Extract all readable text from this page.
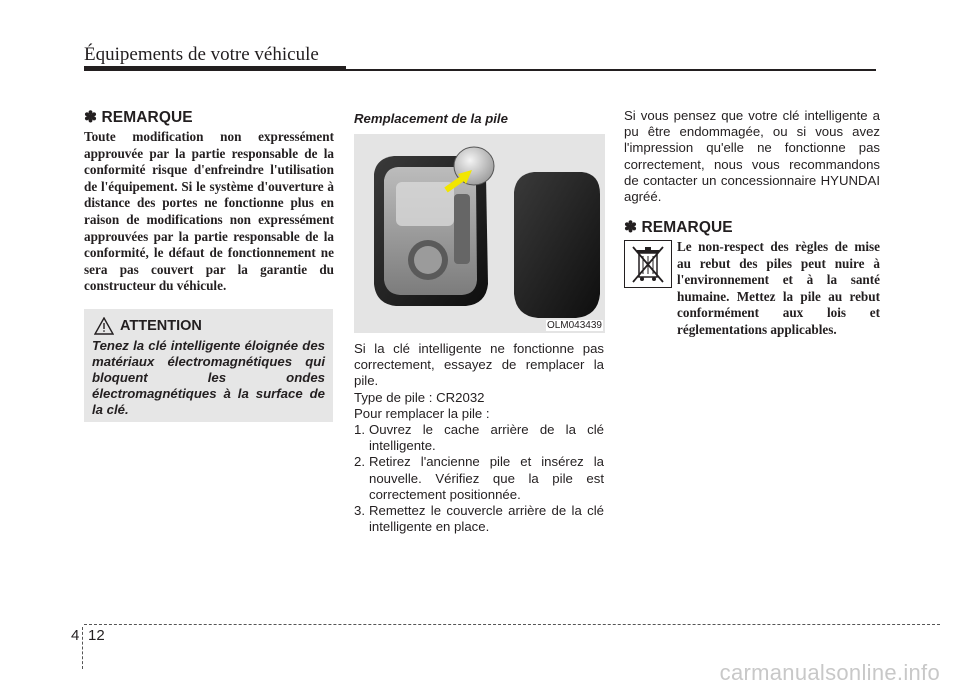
Équipements de votre véhicule
✽ REMARQUE

Toute modification non expressément approuvée par la partie responsable de la conformité risque d'enfreindre l'utilisation de l'équipement. Si le système d'ouverture à distance des portes ne fonctionne plus en raison de modifications non expressément approuvées par la partie responsable de la conformité, le défaut de fonctionnement ne sera pas couvert par la garantie du constructeur du véhicule.

ATTENTION
Tenez la clé intelligente éloignée des matériaux électromagnétiques qui bloquent les ondes électromagnétiques à la surface de la clé.
Remplacement de la pile
OLM043439

Si la clé intelligente ne fonctionne pas correctement, essayez de remplacer la pile.

Type de pile : CR2032

Pour remplacer la pile :

1. Ouvrez le cache arrière de la clé intelligente.
2. Retirez l'ancienne pile et insérez la nouvelle. Vérifiez que la pile est correctement positionnée.
3. Remettez le couvercle arrière de la clé intelligente en place.

Si vous pensez que votre clé intelligente a pu être endommagée, ou si vous avez l'impression qu'elle ne fonctionne pas correctement, nous vous recommandons de contacter un concessionnaire HYUNDAI agréé.

✽ REMARQUE

Le non-respect des règles de mise au rebut des piles peut nuire à l'environnement et à la santé humaine. Mettez la pile au rebut conformément aux lois et réglementations applicables.

4 12
carmanualsonline.info
